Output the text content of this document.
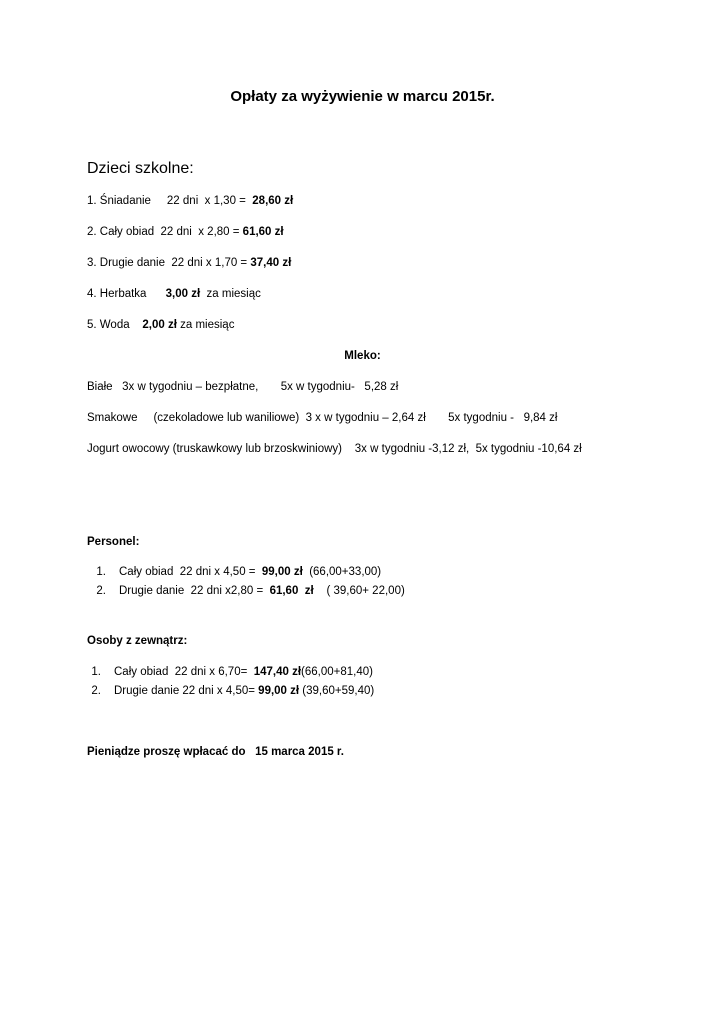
Opłaty za wyżywienie w marcu 2015r.
Dzieci szkolne:
1. Śniadanie     22 dni  x 1,30 =  28,60 zł
2. Cały obiad  22 dni  x 2,80 = 61,60 zł
3. Drugie danie  22 dni x 1,70 = 37,40 zł
4. Herbatka      3,00 zł  za miesiąc
5. Woda    2,00 zł za miesiąc
Mleko:
Białe   3x w tygodniu – bezpłatne,       5x w tygodniu-   5,28 zł
Smakowe     (czekoladowe lub waniliowe)  3 x w tygodniu – 2,64 zł       5x tygodniu -   9,84 zł
Jogurt owocowy (truskawkowy lub brzoskwiniowy)    3x w tygodniu -3,12 zł,  5x tygodniu -10,64 zł
Personel:
1. Cały obiad  22 dni x 4,50 =  99,00 zł  (66,00+33,00)
2. Drugie danie  22 dni x2,80 =  61,60  zł    ( 39,60+ 22,00)
Osoby z zewnątrz:
1. Cały obiad  22 dni x 6,70=  147,40 zł(66,00+81,40)
2. Drugie danie 22 dni x 4,50= 99,00 zł (39,60+59,40)
Pieniądze proszę wpłacać do   15 marca 2015 r.
